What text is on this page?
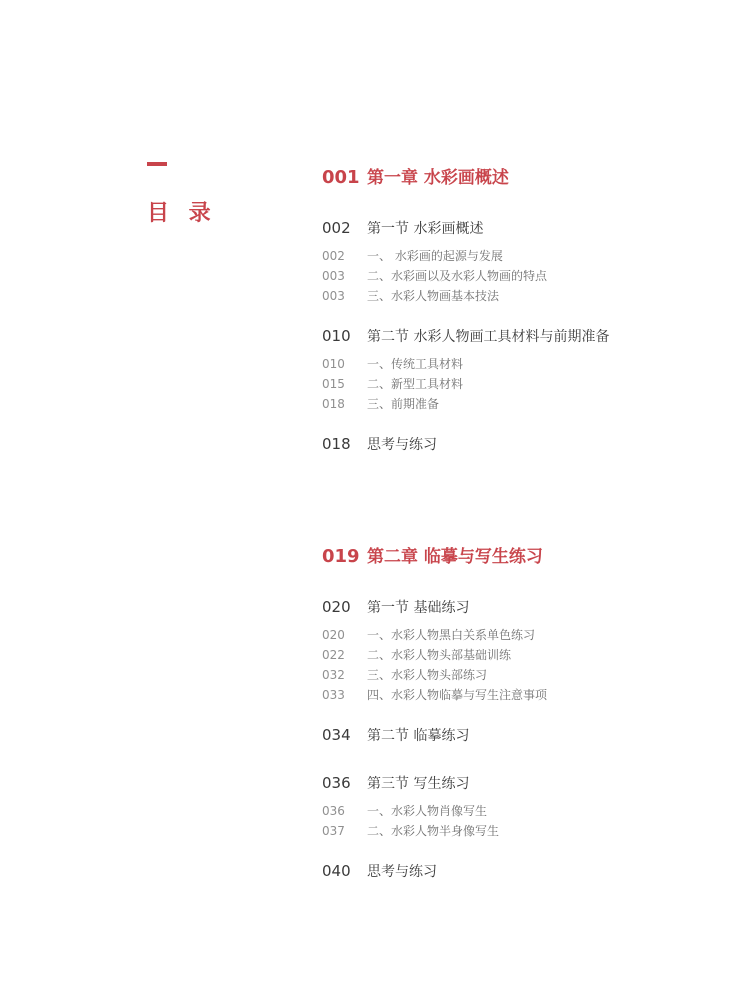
目 录
001 第一章 水彩画概述
002	第一节 水彩画概述
002	一、 水彩画的起源与发展
003	二、水彩画以及水彩人物画的特点
003	三、水彩人物画基本技法
010	第二节 水彩人物画工具材料与前期准备
010	一、传统工具材料
015	二、新型工具材料
018	三、前期准备
018	思考与练习
019 第二章 临摹与写生练习
020	第一节 基础练习
020	一、水彩人物黑白关系单色练习
022	二、水彩人物头部基础训练
032	三、水彩人物头部练习
033	四、水彩人物临摹与写生注意事项
034	第二节 临摹练习
036	第三节 写生练习
036	一、水彩人物肖像写生
037	二、水彩人物半身像写生
040	思考与练习
